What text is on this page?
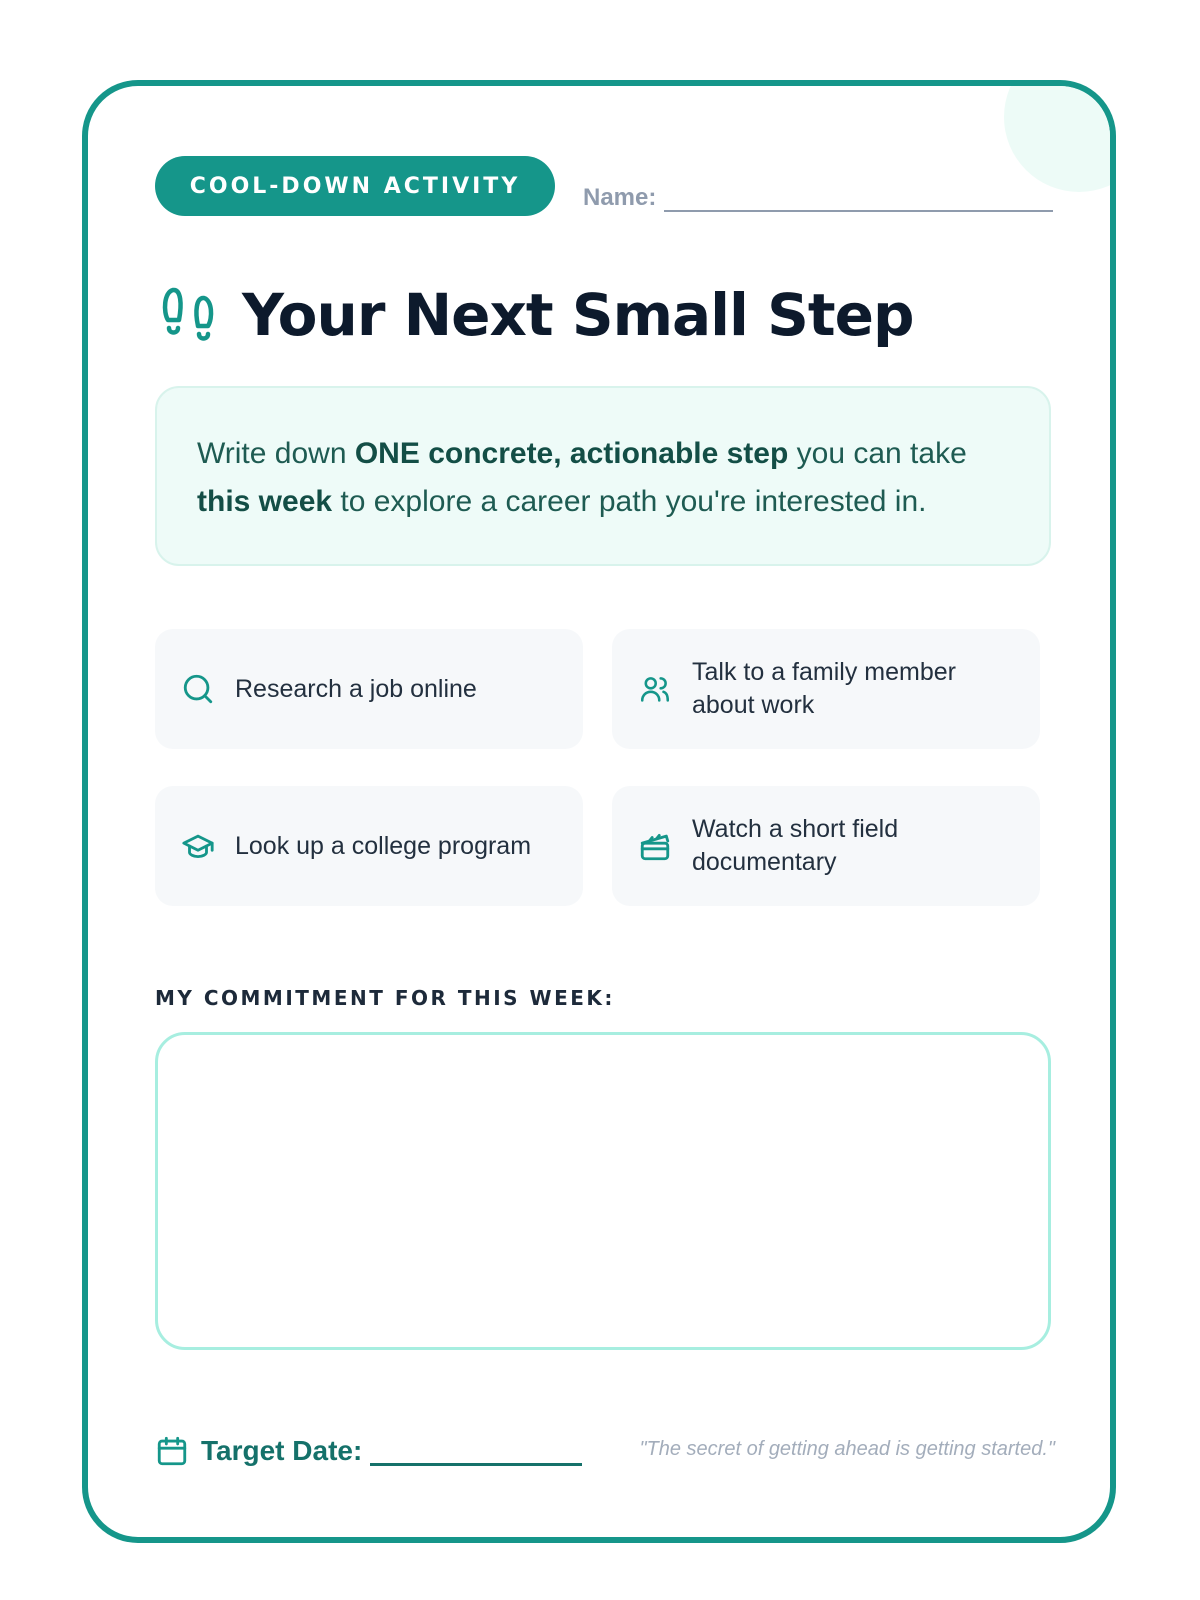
COOL-DOWN ACTIVITY	Name:
Your Next Small Step
Write down ONE concrete, actionable step you can take this week to explore a career path you're interested in.
Research a job online
Talk to a family member about work
Look up a college program
Watch a short field documentary
MY COMMITMENT FOR THIS WEEK:
Target Date:	"The secret of getting ahead is getting started."
